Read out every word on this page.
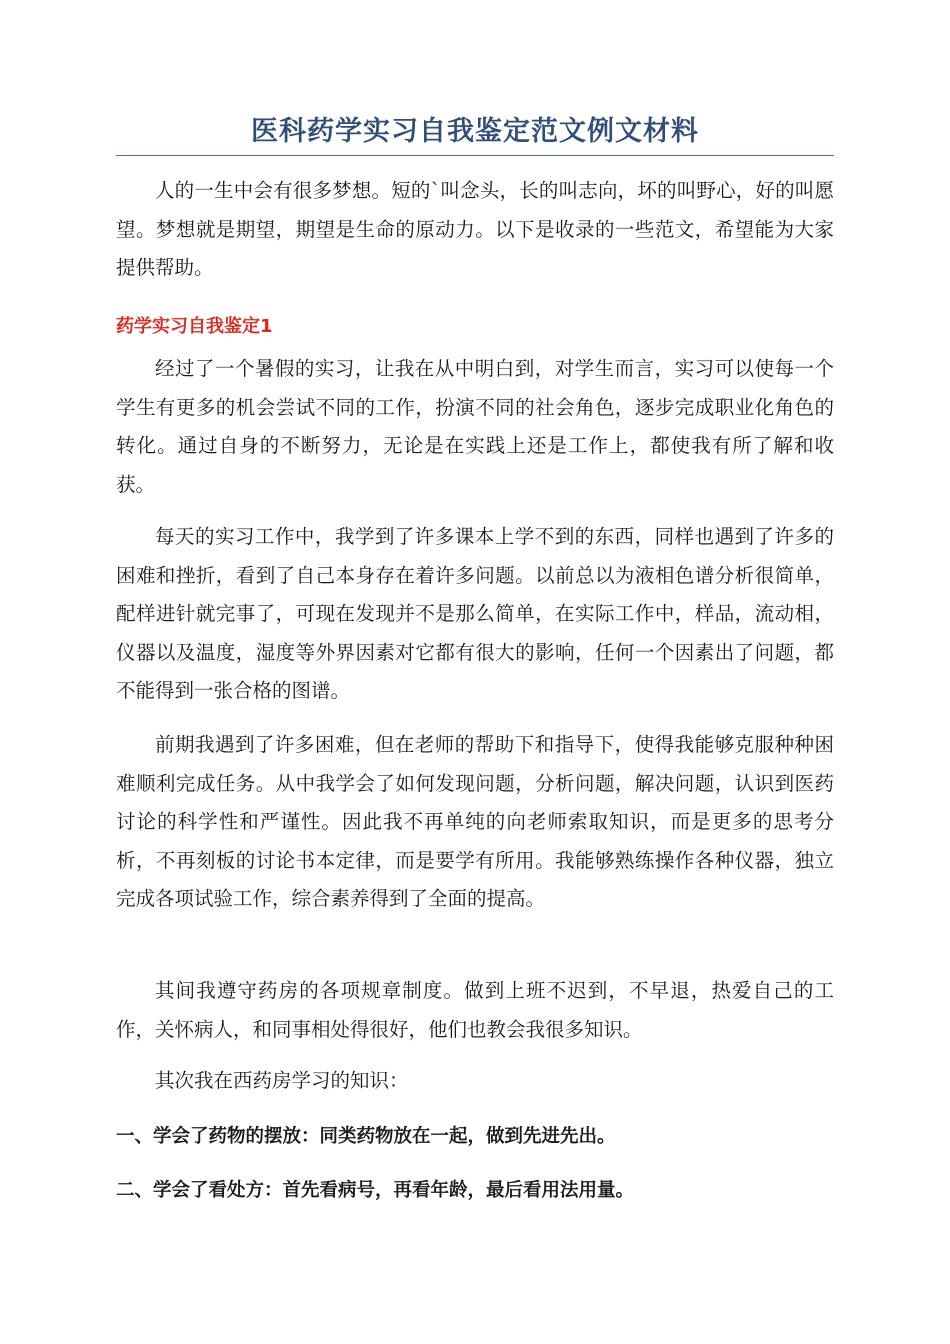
医科药学实习自我鉴定范文例文材料

人的一生中会有很多梦想。短的`叫念头，长的叫志向，坏的叫野心，好的叫愿望。梦想就是期望，期望是生命的原动力。以下是收录的一些范文，希望能为大家提供帮助。

药学实习自我鉴定1

经过了一个暑假的实习，让我在从中明白到，对学生而言，实习可以使每一个学生有更多的机会尝试不同的工作，扮演不同的社会角色，逐步完成职业化角色的转化。通过自身的不断努力，无论是在实践上还是工作上，都使我有所了解和收获。

每天的实习工作中，我学到了许多课本上学不到的东西，同样也遇到了许多的困难和挫折，看到了自己本身存在着许多问题。以前总以为液相色谱分析很简单，配样进针就完事了，可现在发现并不是那么简单，在实际工作中，样品，流动相，仪器以及温度，湿度等外界因素对它都有很大的影响，任何一个因素出了问题，都不能得到一张合格的图谱。

前期我遇到了许多困难，但在老师的帮助下和指导下，使得我能够克服种种困难顺利完成任务。从中我学会了如何发现问题，分析问题，解决问题，认识到医药讨论的科学性和严谨性。因此我不再单纯的向老师索取知识，而是更多的思考分析，不再刻板的讨论书本定律，而是要学有所用。我能够熟练操作各种仪器，独立完成各项试验工作，综合素养得到了全面的提高。

其间我遵守药房的各项规章制度。做到上班不迟到，不早退，热爱自己的工作，关怀病人，和同事相处得很好，他们也教会我很多知识。

其次我在西药房学习的知识：

一、学会了药物的摆放：同类药物放在一起，做到先进先出。

二、学会了看处方：首先看病号，再看年龄，最后看用法用量。
